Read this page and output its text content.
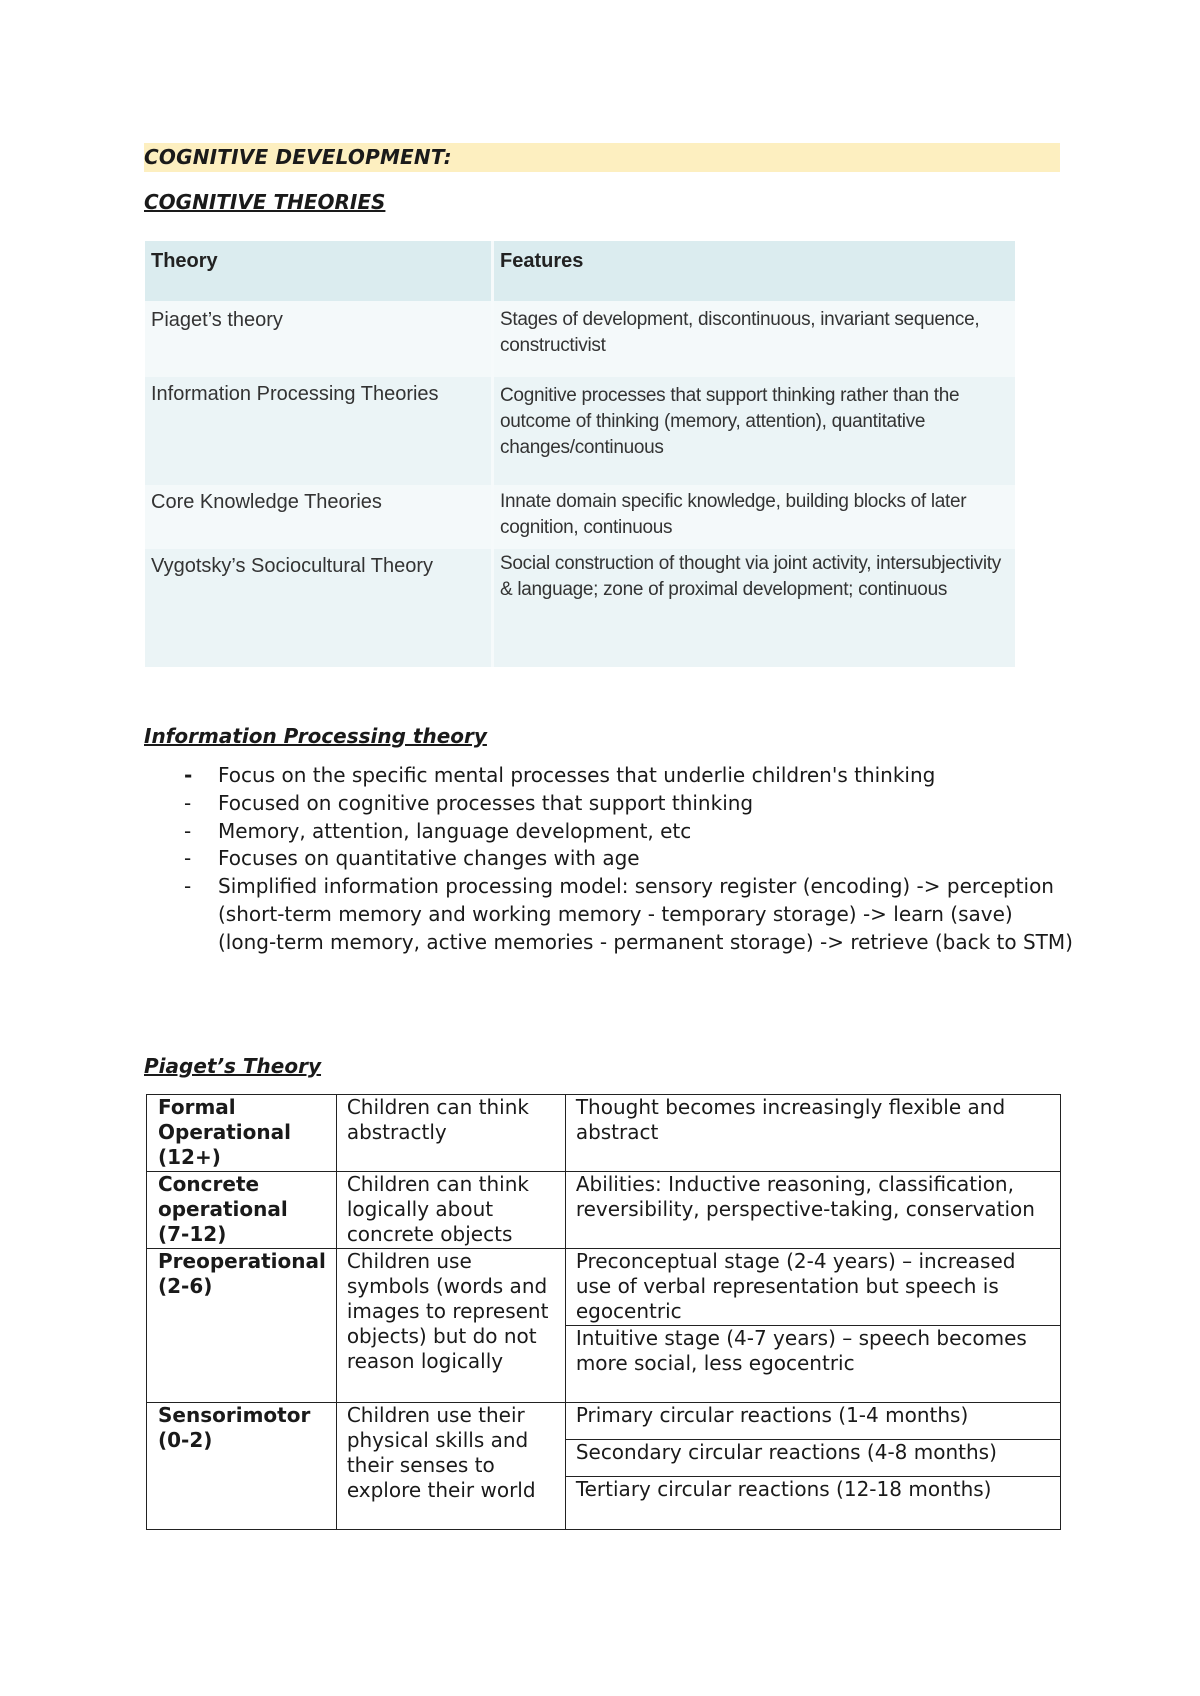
COGNITIVE DEVELOPMENT:
COGNITIVE THEORIES
Theory	Features
Piaget’s theory	Stages of development, discontinuous, invariant sequence, constructivist
Information Processing Theories	Cognitive processes that support thinking rather than the outcome of thinking (memory, attention), quantitative changes/continuous
Core Knowledge Theories	Innate domain specific knowledge, building blocks of later cognition, continuous
Vygotsky’s Sociocultural Theory	Social construction of thought via joint activity, intersubjectivity & language; zone of proximal development; continuous
Information Processing theory
- Focus on the specific mental processes that underlie children's thinking
- Focused on cognitive processes that support thinking
- Memory, attention, language development, etc
- Focuses on quantitative changes with age
- Simplified information processing model: sensory register (encoding) -> perception (short-term memory and working memory - temporary storage) -> learn (save) (long-term memory, active memories - permanent storage) -> retrieve (back to STM)
Piaget’s Theory
Formal Operational (12+)	Children can think abstractly	Thought becomes increasingly flexible and abstract
Concrete operational (7-12)	Children can think logically about concrete objects	Abilities: Inductive reasoning, classification, reversibility, perspective-taking, conservation
Preoperational (2-6)	Children use symbols (words and images to represent objects) but do not reason logically	Preconceptual stage (2-4 years) – increased use of verbal representation but speech is egocentric
		Intuitive stage (4-7 years) – speech becomes more social, less egocentric
Sensorimotor (0-2)	Children use their physical skills and their senses to explore their world	Primary circular reactions (1-4 months)
		Secondary circular reactions (4-8 months)
		Tertiary circular reactions (12-18 months)
